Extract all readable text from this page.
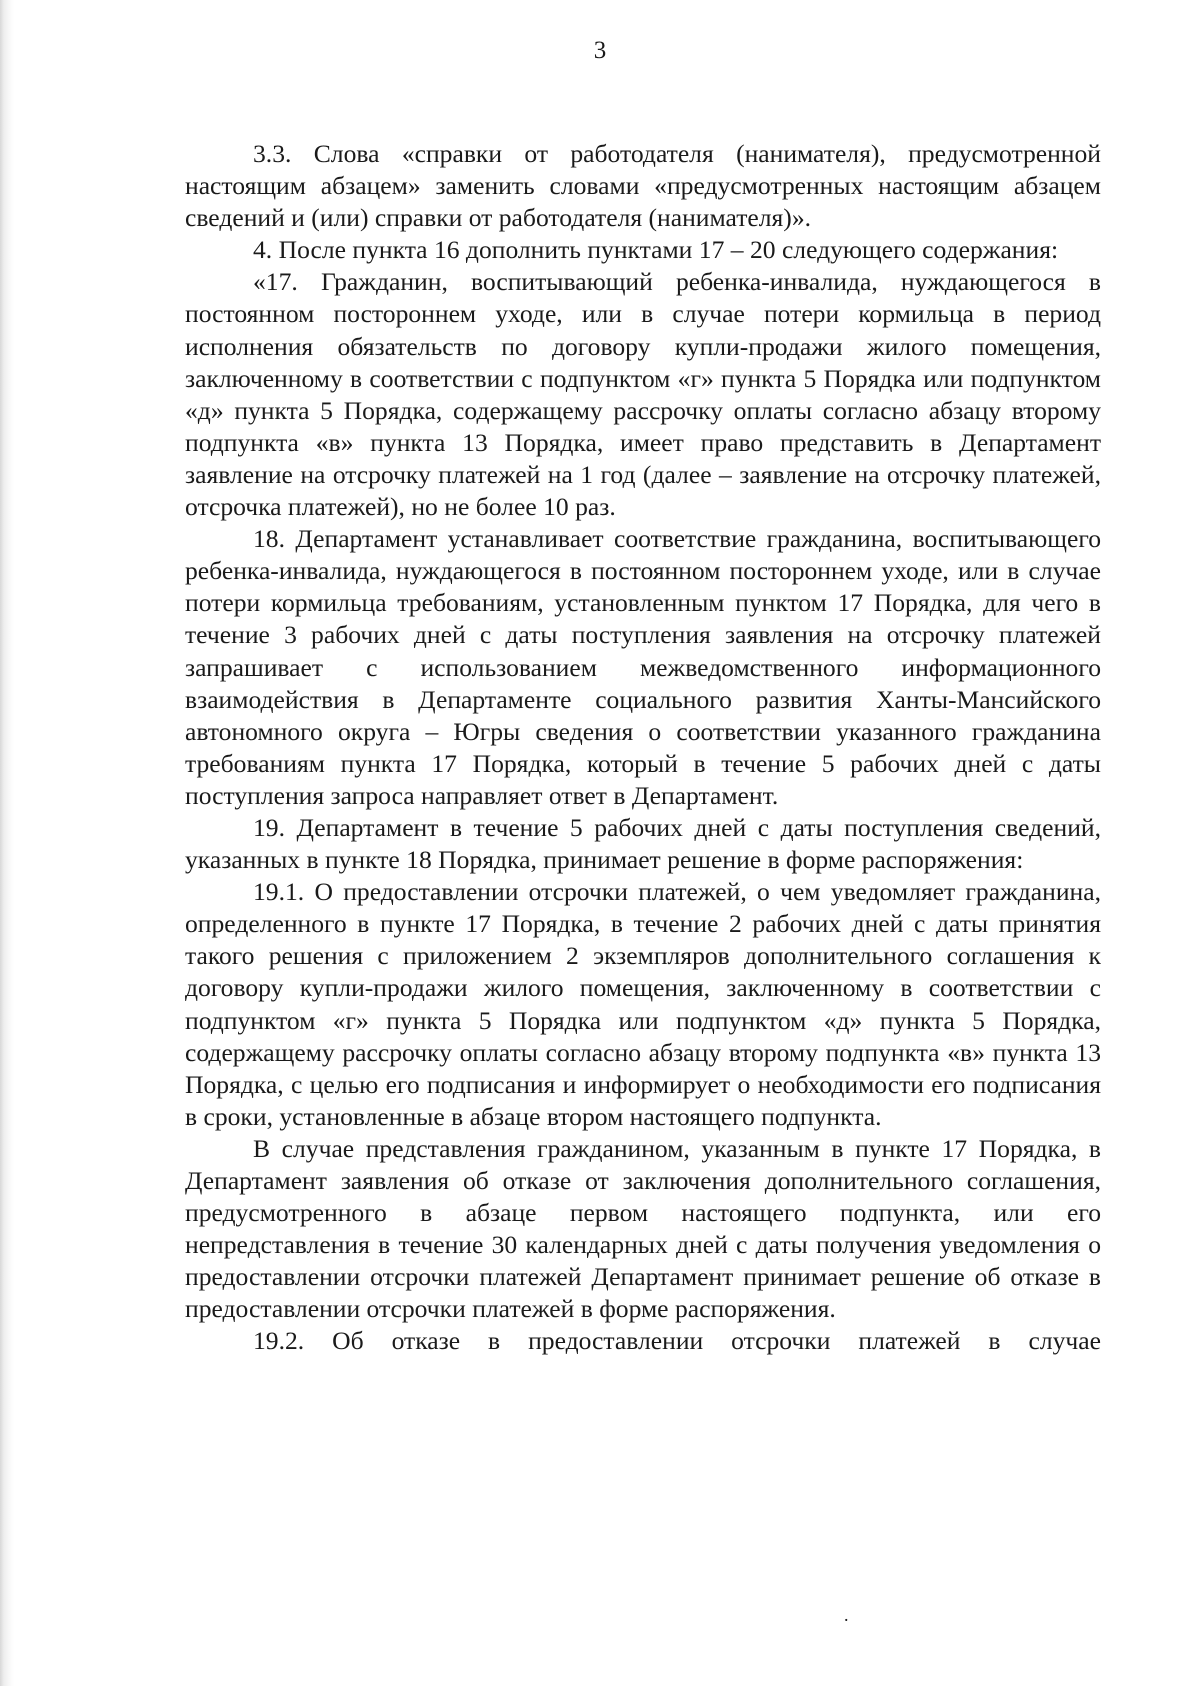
3

3.3. Слова «справки от работодателя (нанимателя), предусмотренной настоящим абзацем» заменить словами «предусмотренных настоящим абзацем сведений и (или) справки от работодателя (нанимателя)».

4. После пункта 16 дополнить пунктами 17 – 20 следующего содержания:

«17. Гражданин, воспитывающий ребенка-инвалида, нуждающегося в постоянном постороннем уходе, или в случае потери кормильца в период исполнения обязательств по договору купли-продажи жилого помещения, заключенному в соответствии с подпунктом «г» пункта 5 Порядка или подпунктом «д» пункта 5 Порядка, содержащему рассрочку оплаты согласно абзацу второму подпункта «в» пункта 13 Порядка, имеет право представить в Департамент заявление на отсрочку платежей на 1 год (далее – заявление на отсрочку платежей, отсрочка платежей), но не более 10 раз.

18. Департамент устанавливает соответствие гражданина, воспитывающего ребенка-инвалида, нуждающегося в постоянном постороннем уходе, или в случае потери кормильца требованиям, установленным пунктом 17 Порядка, для чего в течение 3 рабочих дней с даты поступления заявления на отсрочку платежей запрашивает с использованием межведомственного информационного взаимодействия в Департаменте социального развития Ханты-Мансийского автономного округа – Югры сведения о соответствии указанного гражданина требованиям пункта 17 Порядка, который в течение 5 рабочих дней с даты поступления запроса направляет ответ в Департамент.

19. Департамент в течение 5 рабочих дней с даты поступления сведений, указанных в пункте 18 Порядка, принимает решение в форме распоряжения:

19.1. О предоставлении отсрочки платежей, о чем уведомляет гражданина, определенного в пункте 17 Порядка, в течение 2 рабочих дней с даты принятия такого решения с приложением 2 экземпляров дополнительного соглашения к договору купли-продажи жилого помещения, заключенному в соответствии с подпунктом «г» пункта 5 Порядка или подпунктом «д» пункта 5 Порядка, содержащему рассрочку оплаты согласно абзацу второму подпункта «в» пункта 13 Порядка, с целью его подписания и информирует о необходимости его подписания в сроки, установленные в абзаце втором настоящего подпункта.

В случае представления гражданином, указанным в пункте 17 Порядка, в Департамент заявления об отказе от заключения дополнительного соглашения, предусмотренного в абзаце первом настоящего подпункта, или его непредставления в течение 30 календарных дней с даты получения уведомления о предоставлении отсрочки платежей Департамент принимает решение об отказе в предоставлении отсрочки платежей в форме распоряжения.

19.2. Об отказе в предоставлении отсрочки платежей в случае

.
